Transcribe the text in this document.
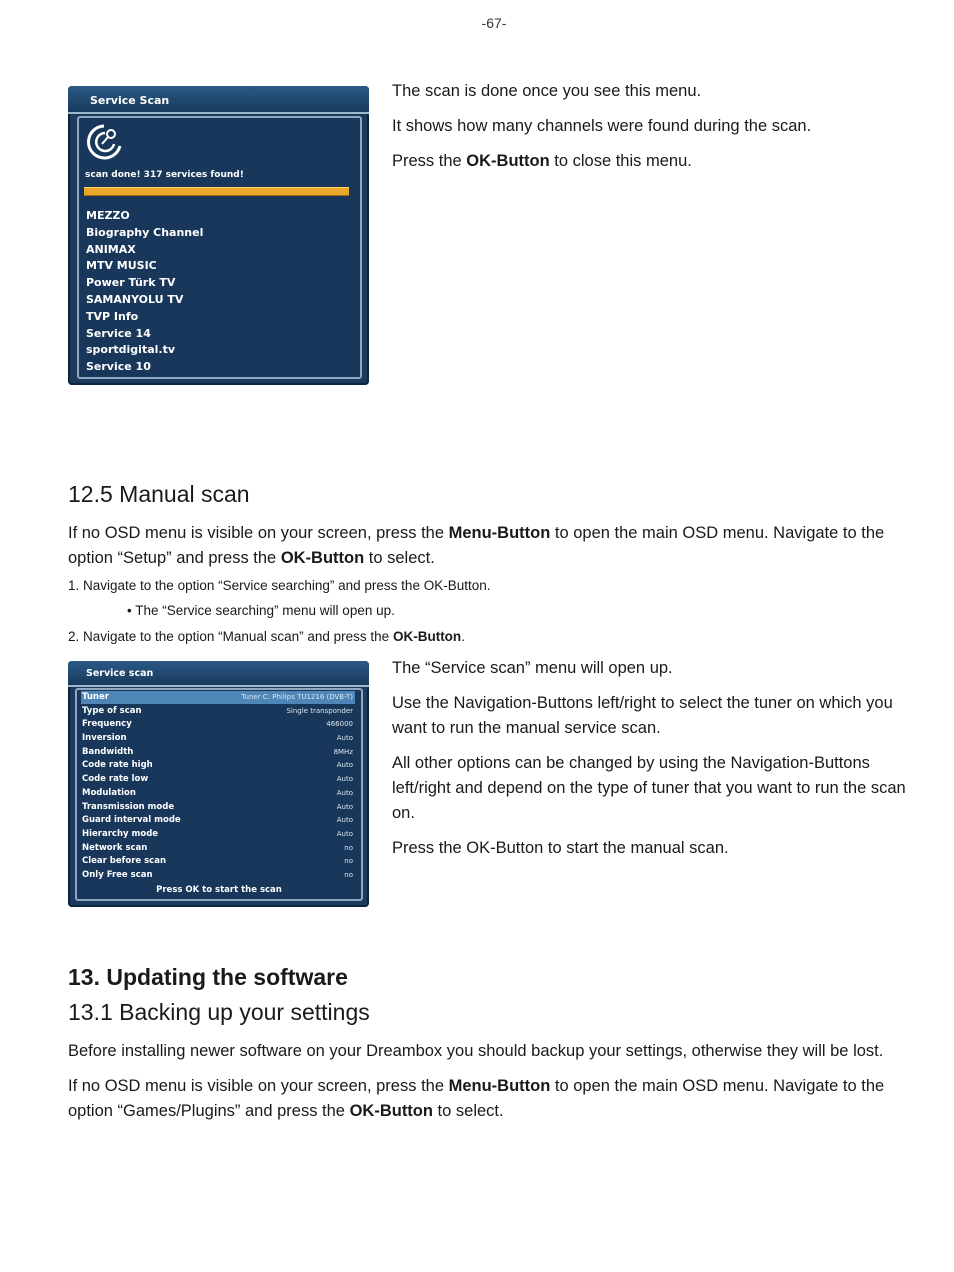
-67-
Service Scan
scan done! 317 services found!
MEZZO
Biography Channel
ANIMAX
MTV MUSIC
Power Türk TV
SAMANYOLU TV
TVP Info
Service 14
sportdigital.tv
Service 10

The scan is done once you see this menu.

It shows how many channels were found during the scan.

Press the OK-Button to close this menu.

12.5 Manual scan

If no OSD menu is visible on your screen, press the Menu-Button to open the main OSD menu. Navigate to the option “Setup” and press the OK-Button to select.

1. Navigate to the option “Service searching” and press the OK-Button.
• The “Service searching” menu will open up.
2. Navigate to the option “Manual scan” and press the OK-Button.
Service scan
Tuner	Tuner C: Philips TU1216 (DVB-T)
Type of scan	Single transponder
Frequency	466000
Inversion	Auto
Bandwidth	8MHz
Code rate high	Auto
Code rate low	Auto
Modulation	Auto
Transmission mode	Auto
Guard interval mode	Auto
Hierarchy mode	Auto
Network scan	no
Clear before scan	no
Only Free scan	no
Press OK to start the scan

The “Service scan” menu will open up.

Use the Navigation-Buttons left/right to select the tuner on which you want to run the manual service scan.

All other options can be changed by using the Navigation-Buttons left/right and depend on the type of tuner that you want to run the scan on.

Press the OK-Button to start the manual scan.

13. Updating the software
13.1 Backing up your settings

Before installing newer software on your Dreambox you should backup your settings, otherwise they will be lost.

If no OSD menu is visible on your screen, press the Menu-Button to open the main OSD menu. Navigate to the option “Games/Plugins” and press the OK-Button to select.
